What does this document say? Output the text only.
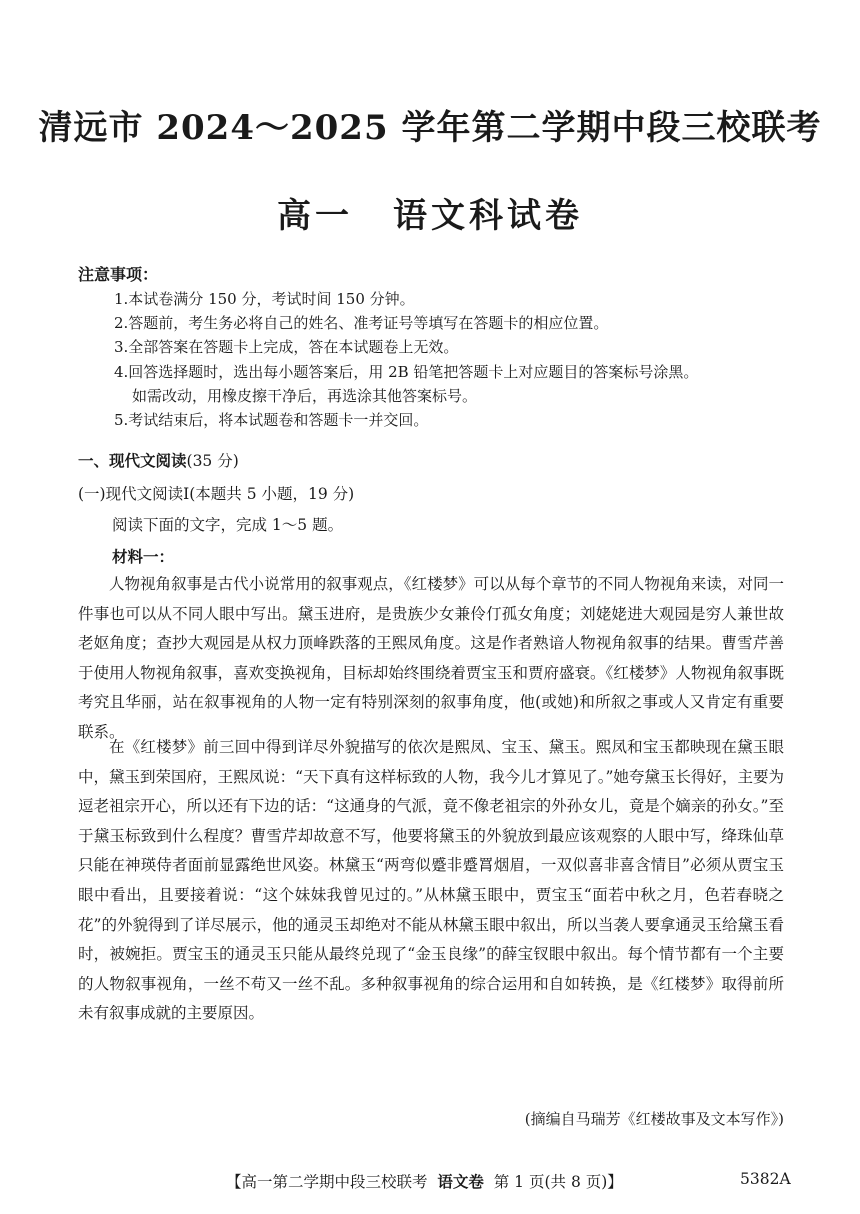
清远市 2024～2025 学年第二学期中段三校联考
高一 语文科试卷
注意事项：
1.本试卷满分 150 分，考试时间 150 分钟。
2.答题前，考生务必将自己的姓名、准考证号等填写在答题卡的相应位置。
3.全部答案在答题卡上完成，答在本试题卷上无效。
4.回答选择题时，选出每小题答案后，用 2B 铅笔把答题卡上对应题目的答案标号涂黑。
如需改动，用橡皮擦干净后，再选涂其他答案标号。
5.考试结束后，将本试题卷和答题卡一并交回。
一、现代文阅读(35 分)
(一)现代文阅读Ⅰ(本题共 5 小题，19 分)
阅读下面的文字，完成 1～5 题。
材料一：

人物视角叙事是古代小说常用的叙事观点，《红楼梦》可以从每个章节的不同人物视角来读，对同一件事也可以从不同人眼中写出。黛玉进府，是贵族少女兼伶仃孤女角度；刘姥姥进大观园是穷人兼世故老妪角度；查抄大观园是从权力顶峰跌落的王熙凤角度。这是作者熟谙人物视角叙事的结果。曹雪芹善于使用人物视角叙事，喜欢变换视角，目标却始终围绕着贾宝玉和贾府盛衰。《红楼梦》人物视角叙事既考究且华丽，站在叙事视角的人物一定有特别深刻的叙事角度，他(或她)和所叙之事或人又肯定有重要联系。

在《红楼梦》前三回中得到详尽外貌描写的依次是熙凤、宝玉、黛玉。熙凤和宝玉都映现在黛玉眼中，黛玉到荣国府，王熙凤说：“天下真有这样标致的人物，我今儿才算见了。”她夸黛玉长得好，主要为逗老祖宗开心，所以还有下边的话：“这通身的气派，竟不像老祖宗的外孙女儿，竟是个嫡亲的孙女。”至于黛玉标致到什么程度？曹雪芹却故意不写，他要将黛玉的外貌放到最应该观察的人眼中写，绛珠仙草只能在神瑛侍者面前显露绝世风姿。林黛玉“两弯似蹙非蹙罥烟眉，一双似喜非喜含情目”必须从贾宝玉眼中看出，且要接着说：“这个妹妹我曾见过的。”从林黛玉眼中，贾宝玉“面若中秋之月，色若春晓之花”的外貌得到了详尽展示，他的通灵玉却绝对不能从林黛玉眼中叙出，所以当袭人要拿通灵玉给黛玉看时，被婉拒。贾宝玉的通灵玉只能从最终兑现了“金玉良缘”的薛宝钗眼中叙出。每个情节都有一个主要的人物叙事视角，一丝不苟又一丝不乱。多种叙事视角的综合运用和自如转换，是《红楼梦》取得前所未有叙事成就的主要原因。

(摘编自马瑞芳《红楼故事及文本写作》)
【高一第二学期中段三校联考 语文卷 第 1 页(共 8 页)】	5382A
